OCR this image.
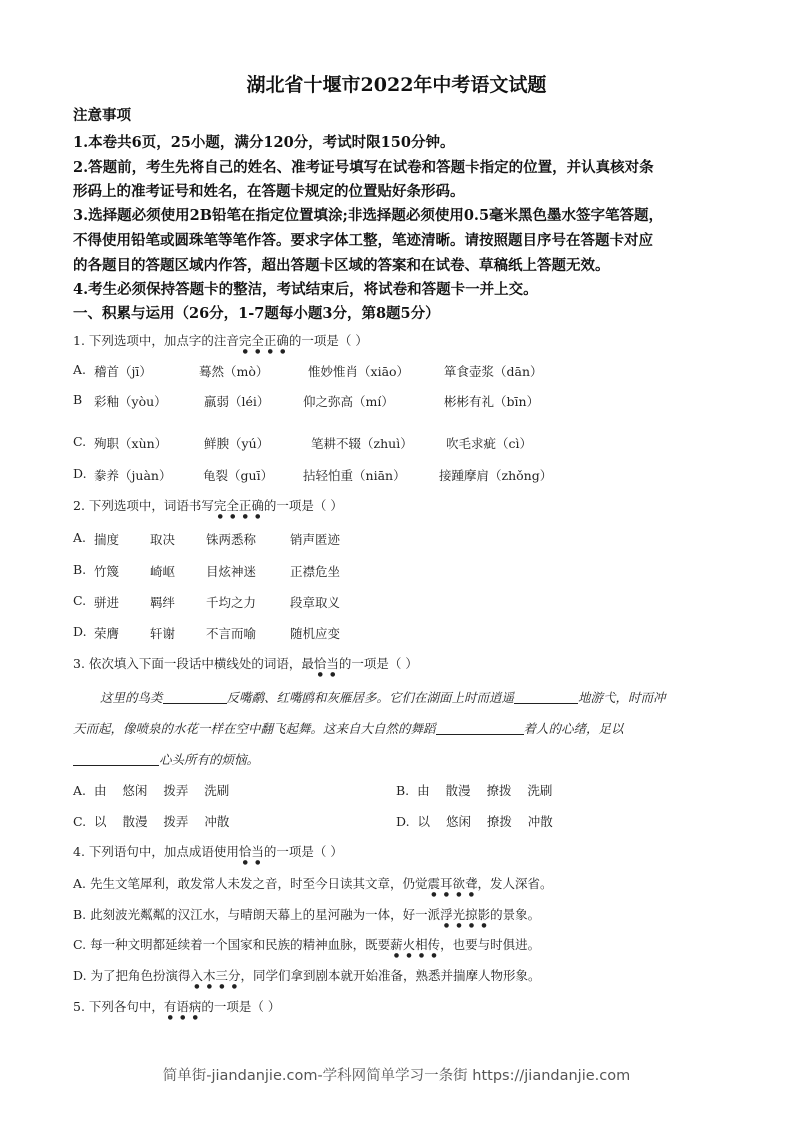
湖北省十堰市2022年中考语文试题
注意事项
1.本卷共6页，25小题，满分120分，考试时限150分钟。
2.答题前，考生先将自己的姓名、准考证号填写在试卷和答题卡指定的位置，并认真核对条
形码上的准考证号和姓名，在答题卡规定的位置贴好条形码。
3.选择题必须使用2B铅笔在指定位置填涂;非选择题必须使用0.5毫米黑色墨水签字笔答题，
不得使用铅笔或圆珠笔等笔作答。要求字体工整，笔迹清晰。请按照题目序号在答题卡对应
的各题目的答题区域内作答，超出答题卡区域的答案和在试卷、草稿纸上答题无效。
4.考生必须保持答题卡的整洁，考试结束后，将试卷和答题卡一并上交。
一、积累与运用（26分，1-7题每小题3分，第8题5分）
1. 下列选项中，加点字的注音完全正确的一项是（ ）
A. 稽首（jī）	蓦然（mò）	惟妙惟肖（xiāo）	箪食壶浆（dān）
B 彩釉（yòu）	羸弱（léi）	仰之弥高（mí）	彬彬有礼（bīn）
C. 殉职（xùn）	鲜腴（yú）	笔耕不辍（zhuì）	吹毛求疵（cì）
D. 豢养（juàn）	龟裂（guī） 拈轻怕重（niān）	接踵摩肩（zhǒng）
2. 下列选项中，词语书写完全正确的一项是（ ）
A. 揣度 取决 铢两悉称	销声匿迹
B. 竹篾 崎岖 目炫神迷	正襟危坐
C. 骈进 羁绊 千均之力	段章取义
D. 荣膺 轩谢 不言而喻	随机应变
3. 依次填入下面一段话中横线处的词语，最恰当的一项是（ ）
这里的鸟类	反嘴鹬、红嘴鸥和灰雁居多。它们在湖面上时而逍遥	地游弋，时而冲
天而起，像喷泉的水花一样在空中翻飞起舞。这来自大自然的舞蹈	着人的心绪，足以
心头所有的烦恼。
A. 由 悠闲 拨弄 洗刷	B. 由 散漫 撩拨 洗刷
C. 以 散漫 拨弄 冲散	D. 以 悠闲 撩拨 冲散
4. 下列语句中，加点成语使用恰当的一项是（ ）
A. 先生文笔犀利，敢发常人未发之音，时至今日读其文章，仍觉震耳欲聋，发人深省。
B. 此刻波光粼粼的汉江水，与晴朗天幕上的星河融为一体，好一派浮光掠影的景象。
C. 每一种文明都延续着一个国家和民族的精神血脉，既要薪火相传，也要与时俱进。
D. 为了把角色扮演得入木三分，同学们拿到剧本就开始准备，熟悉并揣摩人物形象。
5. 下列各句中，有语病的一项是（ ）
简单街-jiandanjie.com-学科网简单学习一条街 https://jiandanjie.com
